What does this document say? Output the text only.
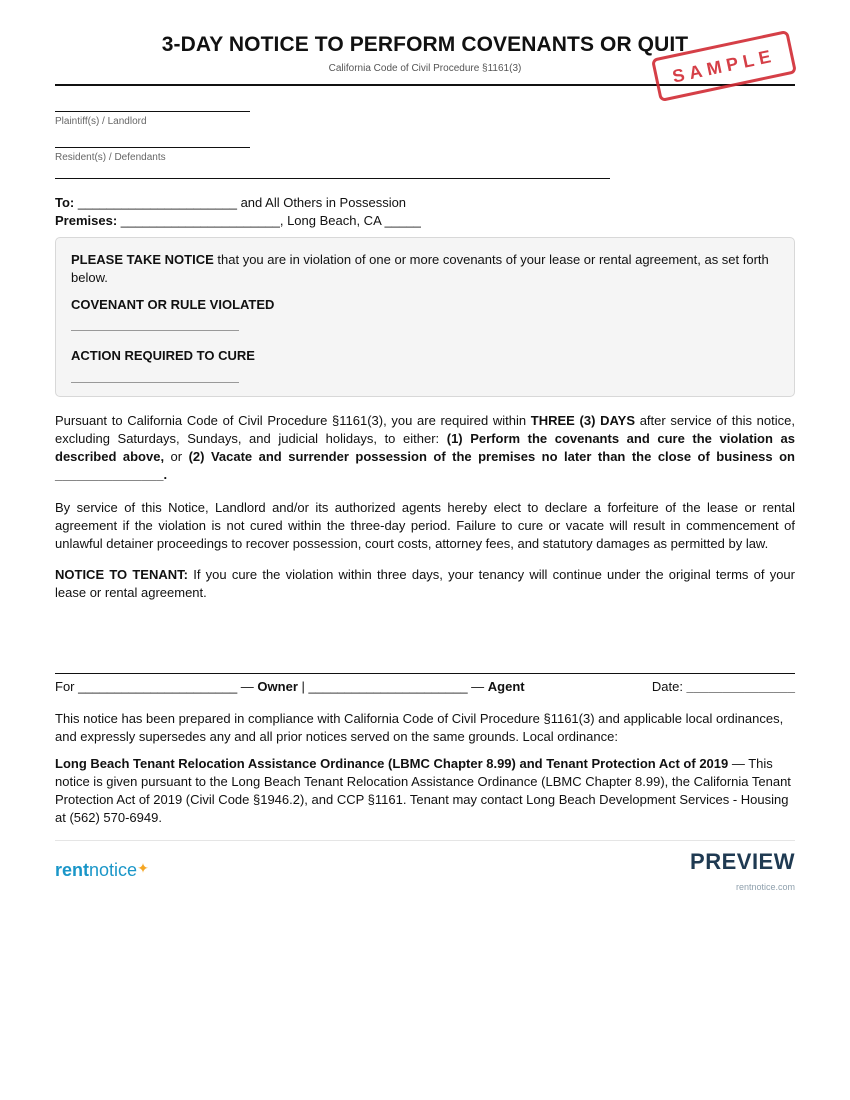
3-DAY NOTICE TO PERFORM COVENANTS OR QUIT
California Code of Civil Procedure §1161(3)	SAMPLE
Plaintiff(s) / Landlord
Resident(s) / Defendants
To: ______________________ and All Others in Possession
Premises: ______________________, Long Beach, CA _____
PLEASE TAKE NOTICE that you are in violation of one or more covenants of your lease or rental agreement, as set forth below.
COVENANT OR RULE VIOLATED
ACTION REQUIRED TO CURE
Pursuant to California Code of Civil Procedure §1161(3), you are required within THREE (3) DAYS after service of this notice, excluding Saturdays, Sundays, and judicial holidays, to either: (1) Perform the covenants and cure the violation as described above, or (2) Vacate and surrender possession of the premises no later than the close of business on _______________.
By service of this Notice, Landlord and/or its authorized agents hereby elect to declare a forfeiture of the lease or rental agreement if the violation is not cured within the three-day period. Failure to cure or vacate will result in commencement of unlawful detainer proceedings to recover possession, court costs, attorney fees, and statutory damages as permitted by law.
NOTICE TO TENANT: If you cure the violation within three days, your tenancy will continue under the original terms of your lease or rental agreement.
For ______________________ — Owner | ______________________ — Agent	Date: _______________
This notice has been prepared in compliance with California Code of Civil Procedure §1161(3) and applicable local ordinances, and expressly supersedes any and all prior notices served on the same grounds. Local ordinance:
Long Beach Tenant Relocation Assistance Ordinance (LBMC Chapter 8.99) and Tenant Protection Act of 2019 — This notice is given pursuant to the Long Beach Tenant Relocation Assistance Ordinance (LBMC Chapter 8.99), the California Tenant Protection Act of 2019 (Civil Code §1946.2), and CCP §1161. Tenant may contact Long Beach Development Services - Housing at (562) 570-6949.
rentnotice✦	PREVIEW
rentnotice.com
